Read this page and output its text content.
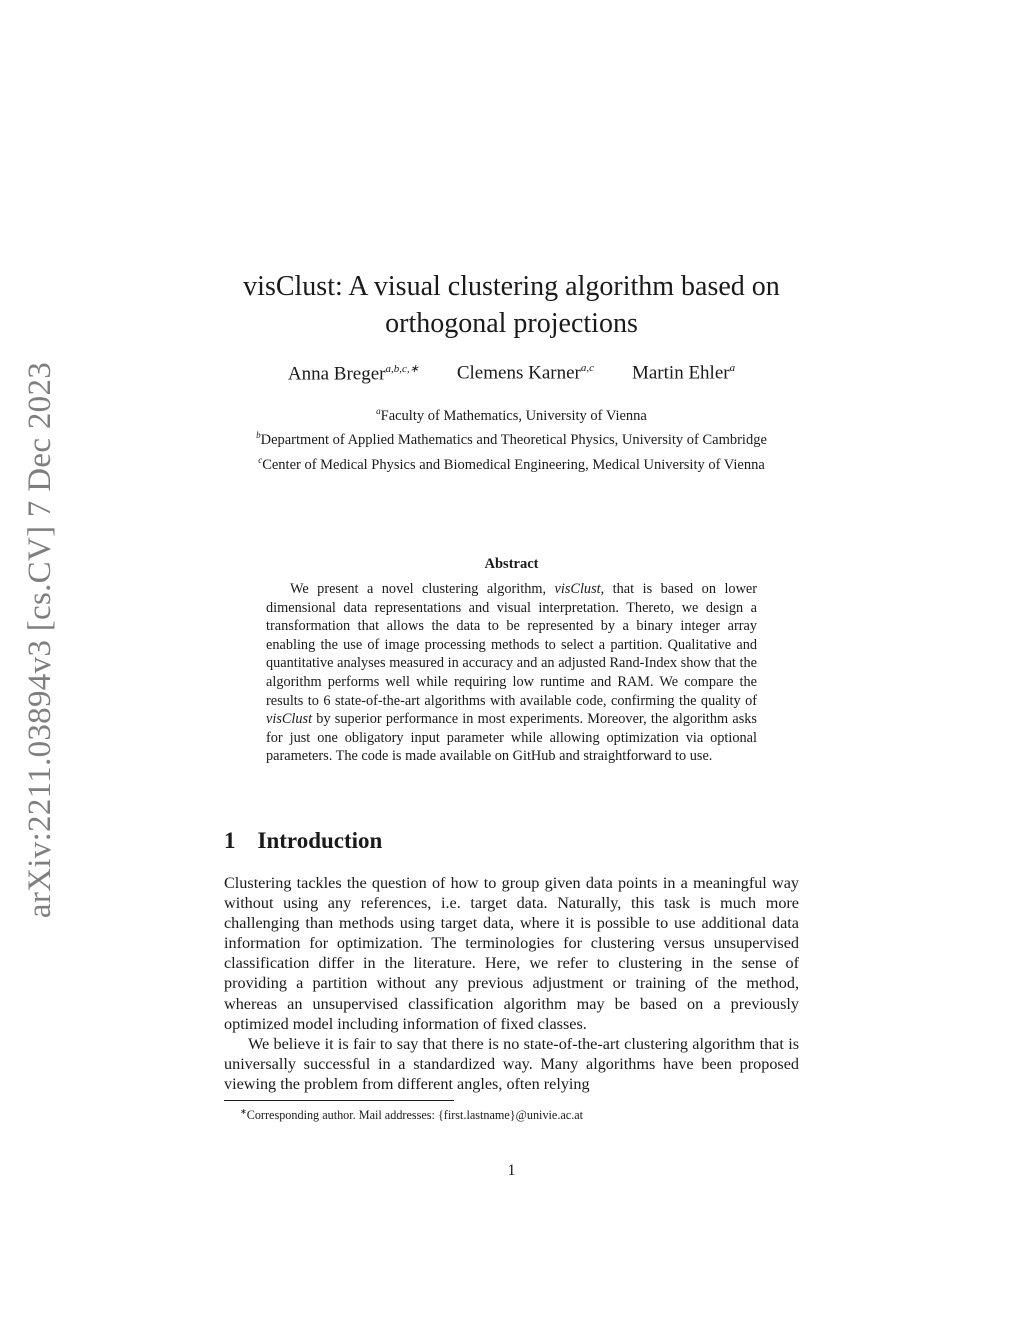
arXiv:2211.03894v3 [cs.CV] 7 Dec 2023
visClust: A visual clustering algorithm based on orthogonal projections
Anna Breger$^{a,b,c,∗}$ Clemens Karner$^{a,c}$ Martin Ehler$^a$

$^a$Faculty of Mathematics, University of Vienna

$^b$Department of Applied Mathematics and Theoretical Physics, University of Cambridge

$^c$Center of Medical Physics and Biomedical Engineering, Medical University of Vienna

Abstract

We present a novel clustering algorithm, visClust, that is based on lower dimensional data representations and visual interpretation. Thereto, we design a transformation that allows the data to be represented by a binary integer array enabling the use of image processing methods to select a partition. Qualitative and quantitative analyses measured in accuracy and an adjusted Rand-Index show that the algorithm performs well while requiring low runtime and RAM. We compare the results to 6 state-of-the-art algorithms with available code, confirming the quality of visClust by superior performance in most experiments. Moreover, the algorithm asks for just one obligatory input parameter while allowing optimization via optional parameters. The code is made available on GitHub and straightforward to use.

1 Introduction

Clustering tackles the question of how to group given data points in a meaningful way without using any references, i.e. target data. Naturally, this task is much more challenging than methods using target data, where it is possible to use additional data information for optimization. The terminologies for clustering versus unsupervised classification differ in the literature. Here, we refer to clustering in the sense of providing a partition without any previous adjustment or training of the method, whereas an unsupervised classification algorithm may be based on a previously optimized model including information of fixed classes.

We believe it is fair to say that there is no state-of-the-art clustering algorithm that is universally successful in a standardized way. Many algorithms have been proposed viewing the problem from different angles, often relying

∗Corresponding author. Mail addresses: {first.lastname}@univie.ac.at
1
